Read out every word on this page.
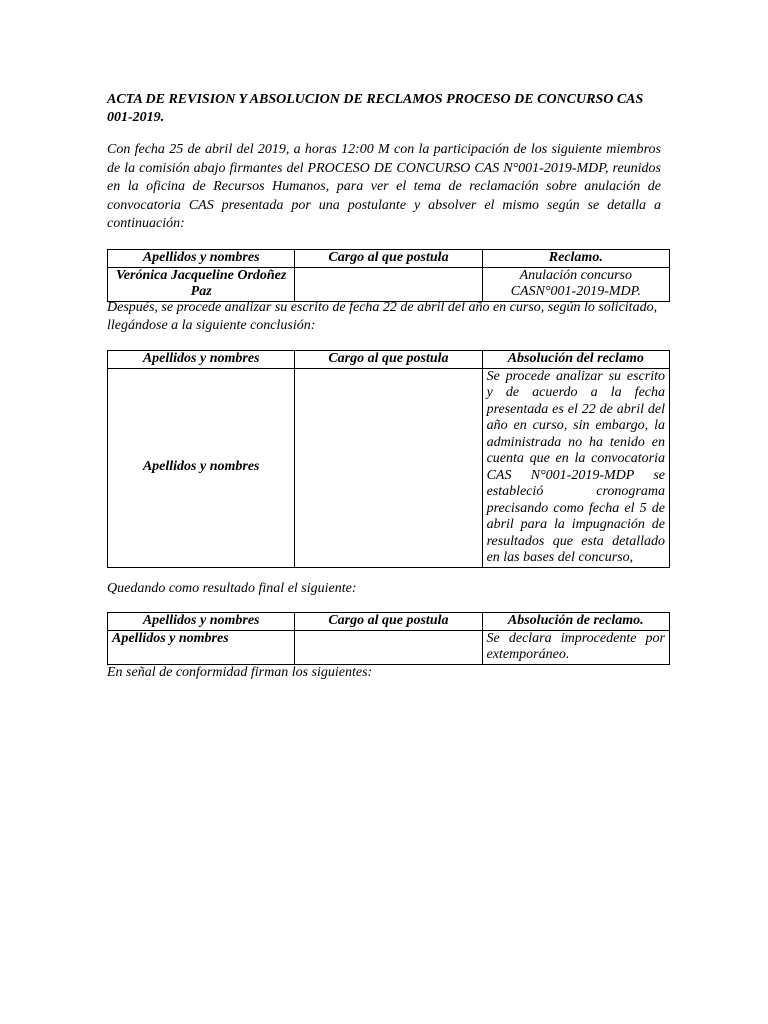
ACTA DE REVISION Y ABSOLUCION DE RECLAMOS PROCESO DE CONCURSO CAS 001-2019.

Con fecha 25 de abril del 2019, a horas 12:00 M con la participación de los siguiente miembros de la comisión abajo firmantes del PROCESO DE CONCURSO CAS N°001-2019-MDP, reunidos en la oficina de Recursos Humanos, para ver el tema de reclamación sobre anulación de convocatoria CAS presentada por una postulante y absolver el mismo según se detalla a continuación:

Apellidos y nombres	Cargo al que postula	Reclamo.
Verónica Jacqueline Ordoñez Paz		Anulación concurso CASN°001-2019-MDP.

Después, se procede analizar su escrito de fecha 22 de abril del año en curso, según lo solicitado, llegándose a la siguiente conclusión:

Apellidos y nombres	Cargo al que postula	Absolución del reclamo
Apellidos y nombres		Se procede analizar su escrito y de acuerdo a la fecha presentada es el 22 de abril del año en curso, sin embargo, la administrada no ha tenido en cuenta que en la convocatoria CAS N°001-2019-MDP se estableció cronograma precisando como fecha el 5 de abril para la impugnación de resultados que esta detallado en las bases del concurso,

Quedando como resultado final el siguiente:

Apellidos y nombres	Cargo al que postula	Absolución de reclamo.
Apellidos y nombres		Se declara improcedente por extemporáneo.

En señal de conformidad firman los siguientes:
